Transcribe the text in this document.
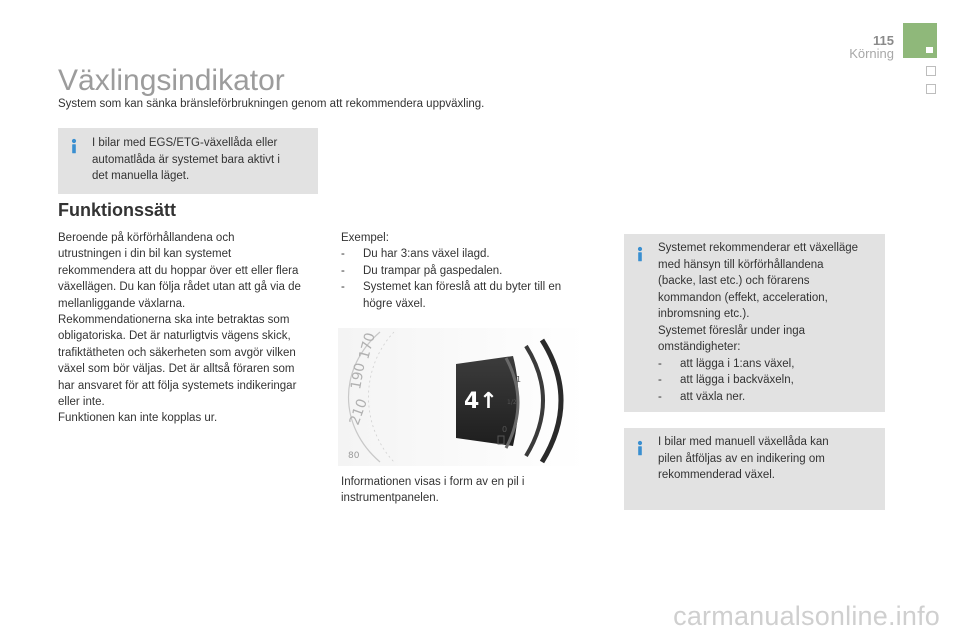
115
Körning
Växlingsindikator
System som kan sänka bränsleförbrukningen genom att rekommendera uppväxling.
I bilar med EGS/ETG-växellåda eller
automatlåda är systemet bara aktivt i
det manuella läget.
Funktionssätt

Beroende på körförhållandena och

utrustningen i din bil kan systemet

rekommendera att du hoppar över ett eller flera

växellägen. Du kan följa rådet utan att gå via de

mellanliggande växlarna.

Rekommendationerna ska inte betraktas som

obligatoriska. Det är naturligtvis vägens skick,

trafiktätheten och säkerheten som avgör vilken

växel som bör väljas. Det är alltså föraren som

har ansvaret för att följa systemets indikeringar

eller inte.

Funktionen kan inte kopplas ur.

Exempel:

- Du har 3:ans växel ilagd.
- Du trampar på gaspedalen.
- Systemet kan föreslå att du byter till en högre växel.
80
210
190
170
4↑
1
1/2
0

Informationen visas i form av en pil i

instrumentpanelen.

Systemet rekommenderar ett växelläge
med hänsyn till körförhållandena
(backe, last etc.) och förarens
kommandon (effekt, acceleration,
inbromsning etc.).
Systemet föreslår under inga
omständigheter:
- att lägga i 1:ans växel,
- att lägga i backväxeln,
- att växla ner.
I bilar med manuell växellåda kan
pilen åtföljas av en indikering om
rekommenderad växel.
carmanualsonline.info
